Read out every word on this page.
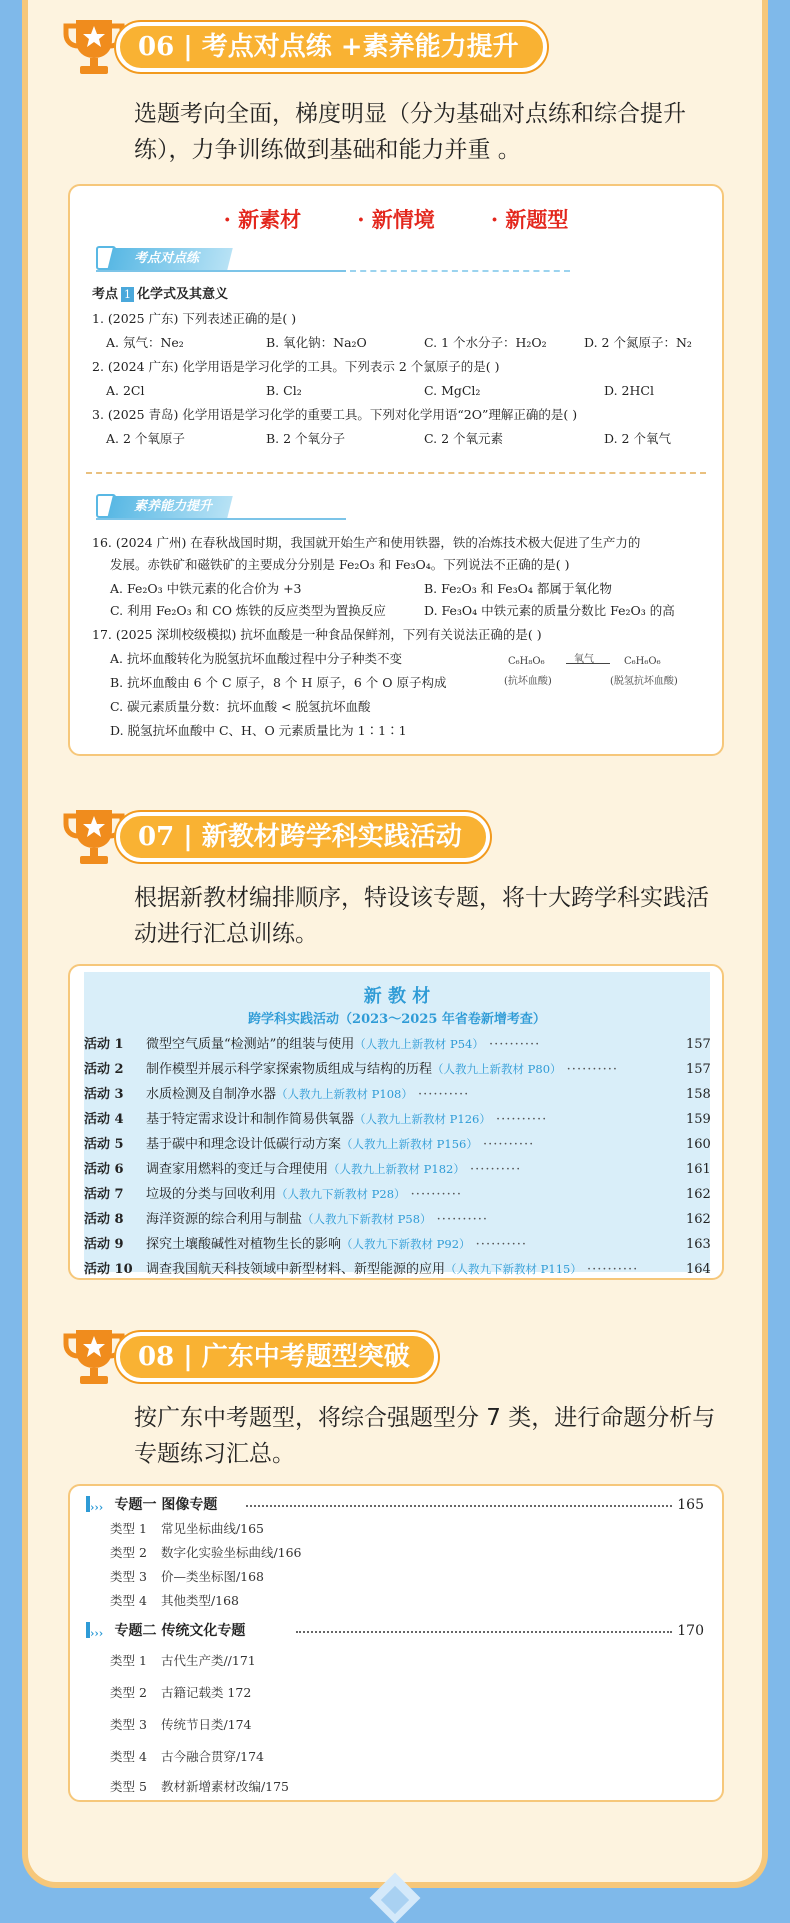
06 | 考点对点练 +素养能力提升
选题考向全面，梯度明显（分为基础对点练和综合提升练），力争训练做到基础和能力并重 。
· 新素材	· 新情境	· 新题型
考点对点练
考点 1 化学式及其意义
1. (2025 广东) 下列表述正确的是( )
A. 氖气：Ne₂	B. 氧化钠：Na₂O	C. 1 个水分子：H₂O₂	D. 2 个氮原子：N₂
2. (2024 广东) 化学用语是学习化学的工具。下列表示 2 个氯原子的是( )
A. 2Cl	B. Cl₂	C. MgCl₂	D. 2HCl
3. (2025 青岛) 化学用语是学习化学的重要工具。下列对化学用语“2O”理解正确的是( )
A. 2 个氧原子	B. 2 个氧分子	C. 2 个氧元素	D. 2 个氧气
素养能力提升
16. (2024 广州) 在春秋战国时期，我国就开始生产和使用铁器，铁的冶炼技术极大促进了生产力的
发展。赤铁矿和磁铁矿的主要成分分别是 Fe₂O₃ 和 Fe₃O₄。下列说法不正确的是( )
A. Fe₂O₃ 中铁元素的化合价为 +3	B. Fe₂O₃ 和 Fe₃O₄ 都属于氧化物
C. 利用 Fe₂O₃ 和 CO 炼铁的反应类型为置换反应	D. Fe₃O₄ 中铁元素的质量分数比 Fe₂O₃ 的高
17. (2025 深圳校级模拟) 抗坏血酸是一种食品保鲜剂，下列有关说法正确的是( )
A. 抗坏血酸转化为脱氢抗坏血酸过程中分子种类不变
B. 抗坏血酸由 6 个 C 原子，8 个 H 原子，6 个 O 原子构成
C. 碳元素质量分数：抗坏血酸 < 脱氢抗坏血酸
D. 脱氢抗坏血酸中 C、H、O 元素质量比为 1∶1∶1
C₆H₈O₆
(抗坏血酸)
氧气	C₆H₆O₆
(脱氢抗坏血酸)
07 | 新教材跨学科实践活动
根据新教材编排顺序，特设该专题，将十大跨学科实践活动进行汇总训练。
新 教 材
跨学科实践活动（2023～2025 年省卷新增考查）
活动 1	微型空气质量“检测站”的组装与使用（人教九上新教材 P54） ··········	157
活动 2	制作模型并展示科学家探索物质组成与结构的历程（人教九上新教材 P80） ··········	157
活动 3	水质检测及自制净水器（人教九上新教材 P108） ··········	158
活动 4	基于特定需求设计和制作简易供氧器（人教九上新教材 P126） ··········	159
活动 5	基于碳中和理念设计低碳行动方案（人教九上新教材 P156） ··········	160
活动 6	调查家用燃料的变迁与合理使用（人教九上新教材 P182） ··········	161
活动 7	垃圾的分类与回收利用（人教九下新教材 P28） ··········	162
活动 8	海洋资源的综合利用与制盐（人教九下新教材 P58） ··········	162
活动 9	探究土壤酸碱性对植物生长的影响（人教九下新教材 P92） ··········	163
活动 10	调查我国航天科技领域中新型材料、新型能源的应用（人教九下新教材 P115） ··········	164
08 | 广东中考题型突破
按广东中考题型，将综合强题型分 7 类，进行命题分析与专题练习汇总。
››› 专题一 图像专题	165
类型 1 常见坐标曲线/165
类型 2 数字化实验坐标曲线/166
类型 3 价—类坐标图/168
类型 4 其他类型/168
››› 专题二 传统文化专题	170
类型 1 古代生产类//171
类型 2 古籍记载类 172
类型 3 传统节日类/174
类型 4 古今融合贯穿/174
类型 5 教材新增素材改编/175
